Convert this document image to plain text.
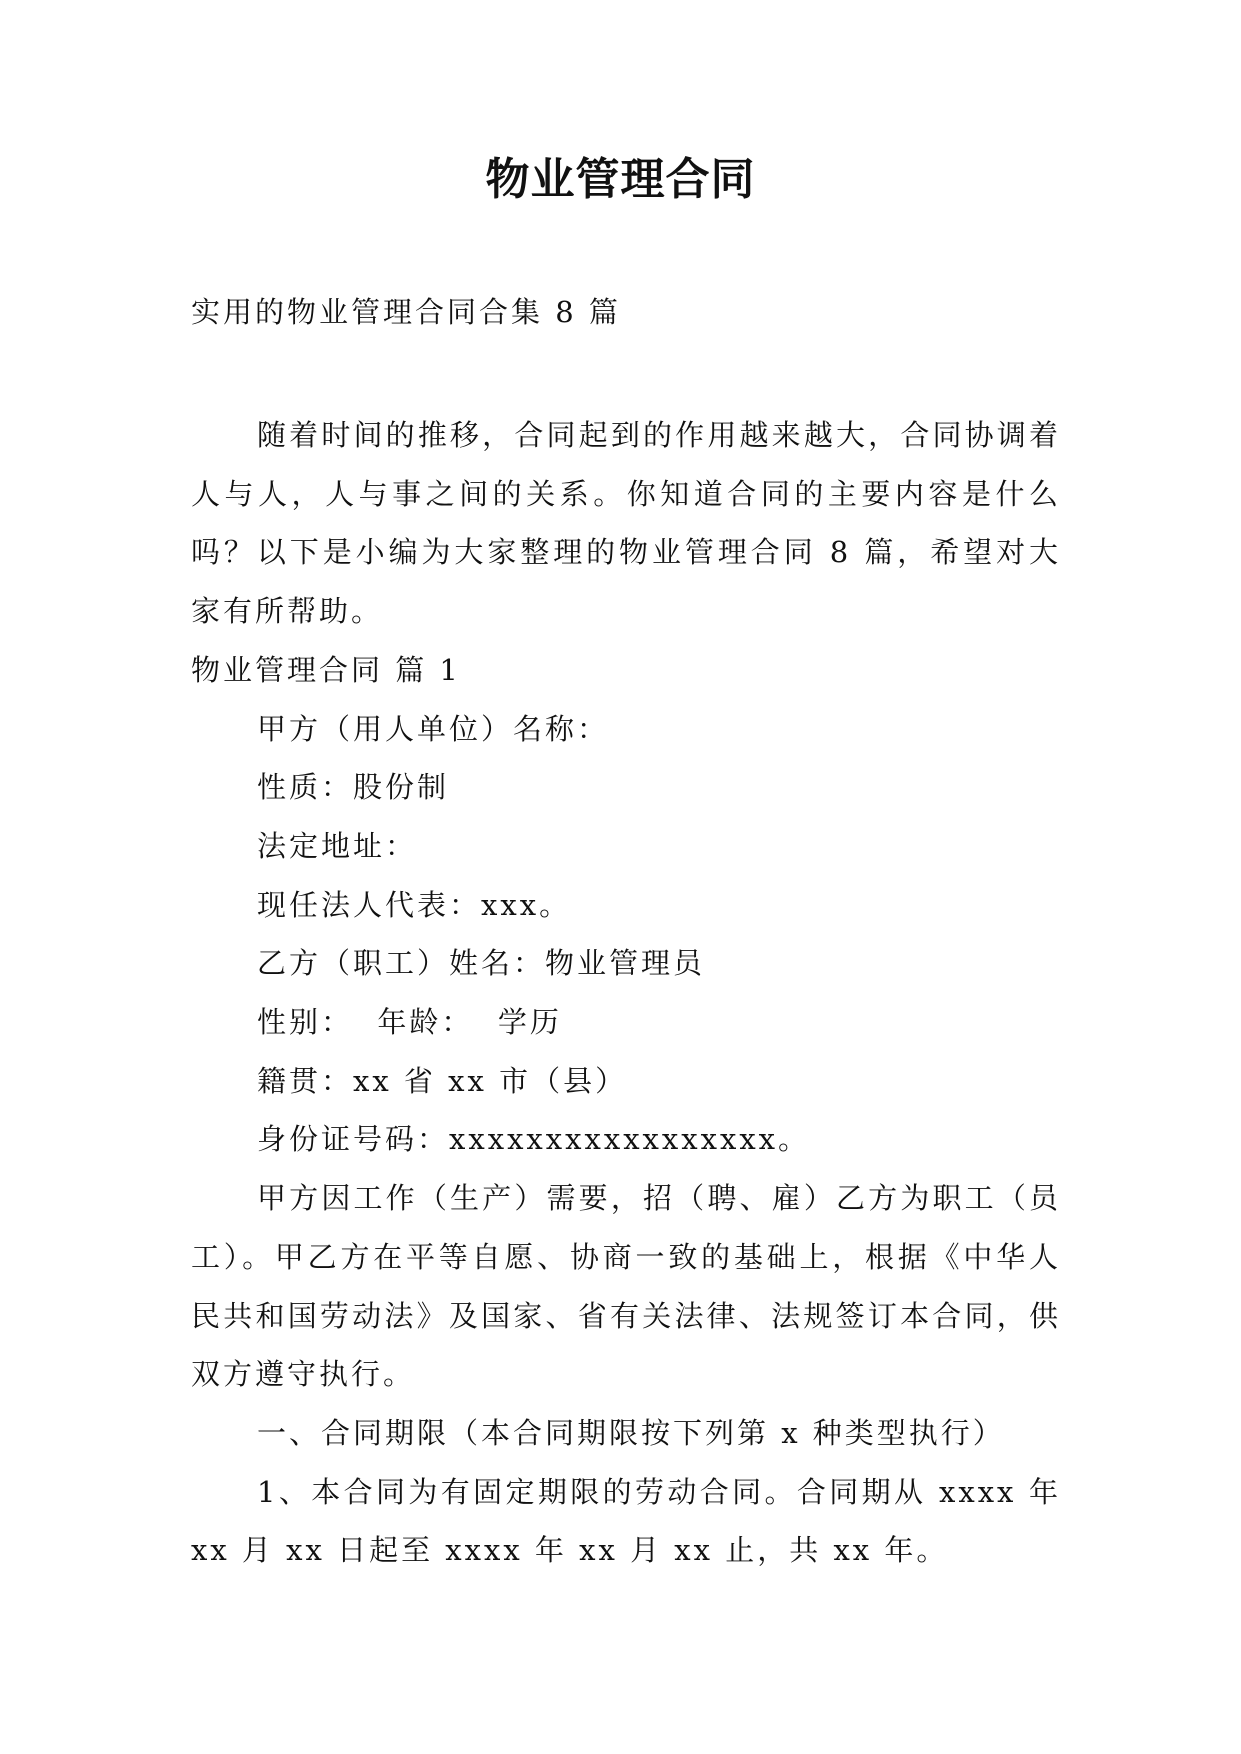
物业管理合同

实用的物业管理合同合集 8 篇

随着时间的推移，合同起到的作用越来越大，合同协调着人与人，人与事之间的关系。你知道合同的主要内容是什么吗？以下是小编为大家整理的物业管理合同 8 篇，希望对大家有所帮助。

物业管理合同 篇 1

甲方（用人单位）名称：

性质：股份制

法定地址：

现任法人代表：xxx。

乙方（职工）姓名：物业管理员

性别：  年龄：  学历

籍贯：xx 省 xx 市（县）

身份证号码：xxxxxxxxxxxxxxxxx。

甲方因工作（生产）需要，招（聘、雇）乙方为职工（员工）。甲乙方在平等自愿、协商一致的基础上，根据《中华人民共和国劳动法》及国家、省有关法律、法规签订本合同，供双方遵守执行。

一、合同期限（本合同期限按下列第 x 种类型执行）

1、本合同为有固定期限的劳动合同。合同期从 xxxx 年 xx 月 xx 日起至 xxxx 年 xx 月 xx 止，共 xx 年。
